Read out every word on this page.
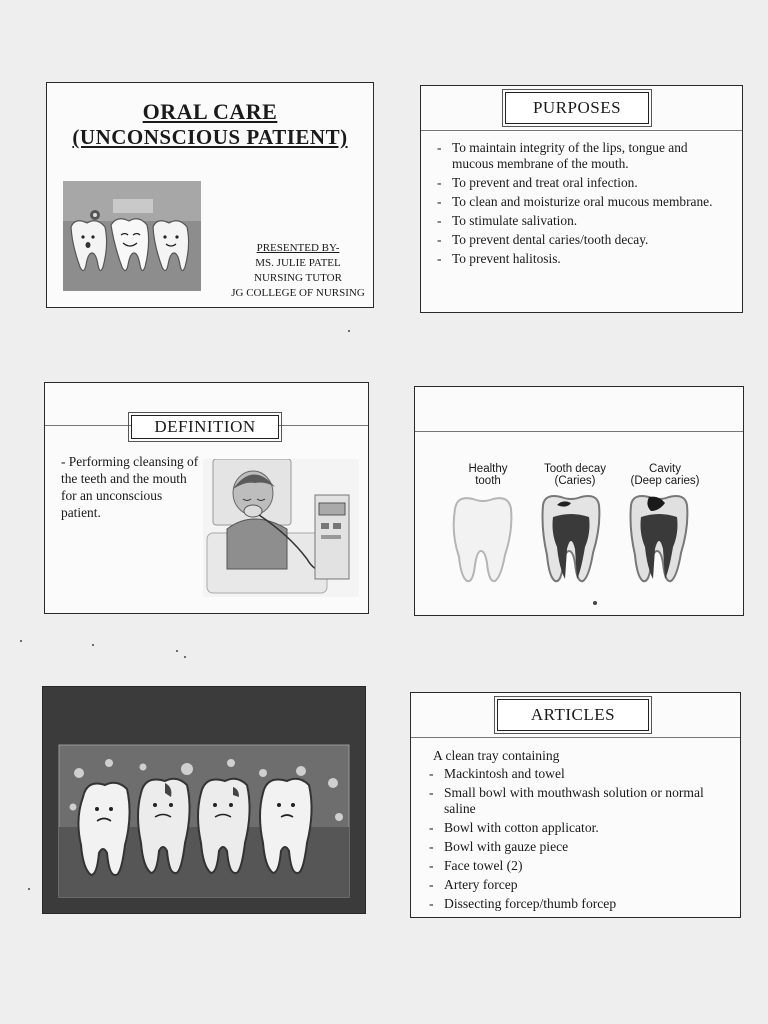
ORAL CARE
(UNCONSCIOUS PATIENT)
PRESENTED BY-
MS. JULIE PATEL
NURSING TUTOR
JG COLLEGE OF NURSING
PURPOSES
- To maintain integrity of the lips, tongue and mucous membrane of the mouth.
- To prevent and treat oral infection.
- To clean and moisturize oral mucous membrane.
- To stimulate salivation.
- To prevent dental caries/tooth decay.
- To prevent halitosis.
DEFINITION
- Performing cleansing of the teeth and the mouth for an unconscious patient.
Healthy
tooth
Tooth decay
(Caries)
Cavity
(Deep caries)
ARTICLES
A clean tray containing
- Mackintosh and towel
- Small bowl with mouthwash solution or normal saline
- Bowl with cotton applicator.
- Bowl with gauze piece
- Face towel (2)
- Artery forcep
- Dissecting forcep/thumb forcep
